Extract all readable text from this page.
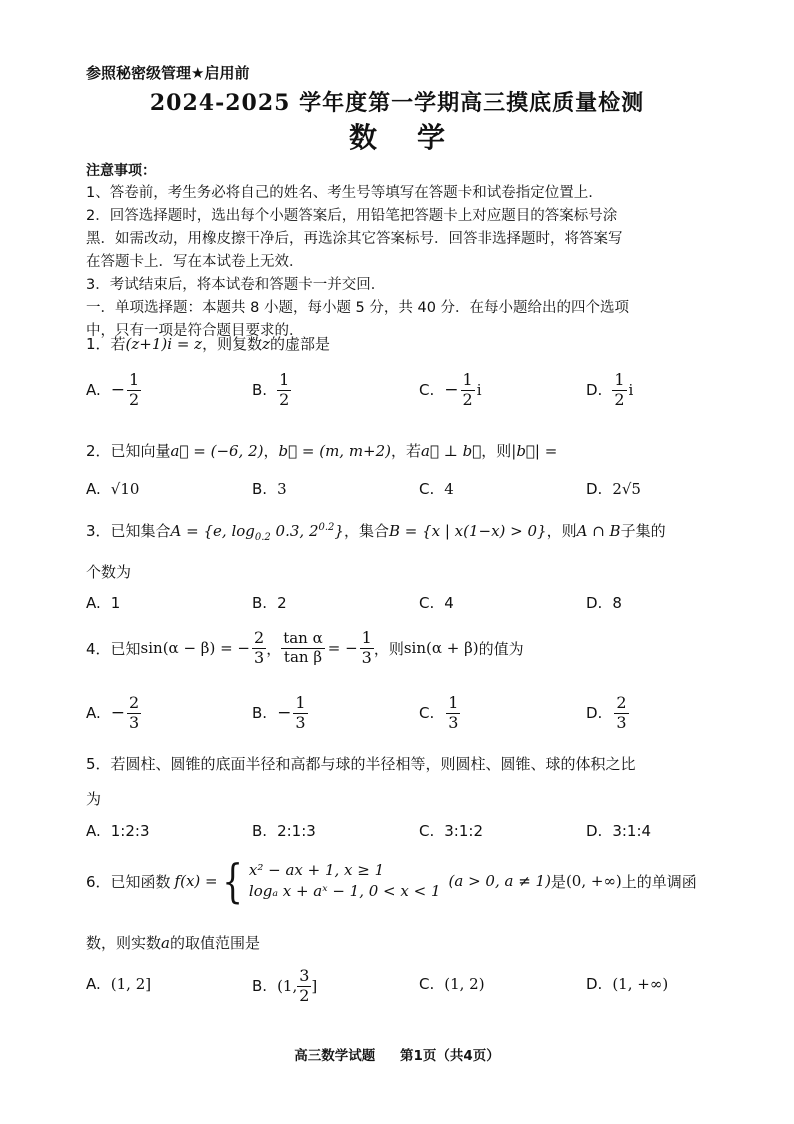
参照秘密级管理★启用前
2024-2025 学年度第一学期高三摸底质量检测
数学
注意事项：
1、答卷前，考生务必将自己的姓名、考生号等填写在答题卡和试卷指定位置上.
2．回答选择题时，选出每个小题答案后，用铅笔把答题卡上对应题目的答案标号涂
黑．如需改动，用橡皮擦干净后，再选涂其它答案标号．回答非选择题时，将答案写
在答题卡上．写在本试卷上无效．
3．考试结束后，将本试卷和答题卡一并交回．
一．单项选择题：本题共 8 小题，每小题 5 分，共 40 分．在每小题给出的四个选项
中，只有一项是符合题目要求的．
1．若(z+1)i = z，则复数z的虚部是
A. − $\frac{1}{2}$	B. $\frac{1}{2}$	C. − $\frac{1}{2}$ i	D. $\frac{1}{2}$ i
2．已知向量a⃗ = (−6, 2)，b⃗ = (m, m+2)，若a⃗ ⊥ b⃗，则|b⃗| =
A. √10	B. 3	C. 4	D. 2√5
3．已知集合A = {e, $\log_{0.2} 0.3$, $2^{0.2}$}，集合B = {x | x(1−x) > 0}，则A ∩ B子集的
个数为
A. 1	B. 2	C. 4	D. 8
4．已知 sin(α − β) = − $\frac{2}{3}$ ， $\frac{\text{tan α}}{\text{tan β}}$ = − $\frac{1}{3}$ ，则 sin(α + β) 的值为
A. − $\frac{2}{3}$	B. − $\frac{1}{3}$	C. $\frac{1}{3}$	D. $\frac{2}{3}$
5．若圆柱、圆锥的底面半径和高都与球的半径相等，则圆柱、圆锥、球的体积之比
为
A. 1:2:3	B. 2:1:3	C. 3:1:2	D. 3:1:4
6．已知函数 f(x) = { x² − ax + 1, x ≥ 1
logₐ x + aˣ − 1, 0 < x < 1
(a > 0, a ≠ 1) 是 (0, +∞) 上的单调函
数，则实数a的取值范围是
A. (1, 2]	B. (1, $\frac{3}{2}$ ]	C. (1, 2)	D. (1, +∞)
高三数学试题 第1页（共4页）
